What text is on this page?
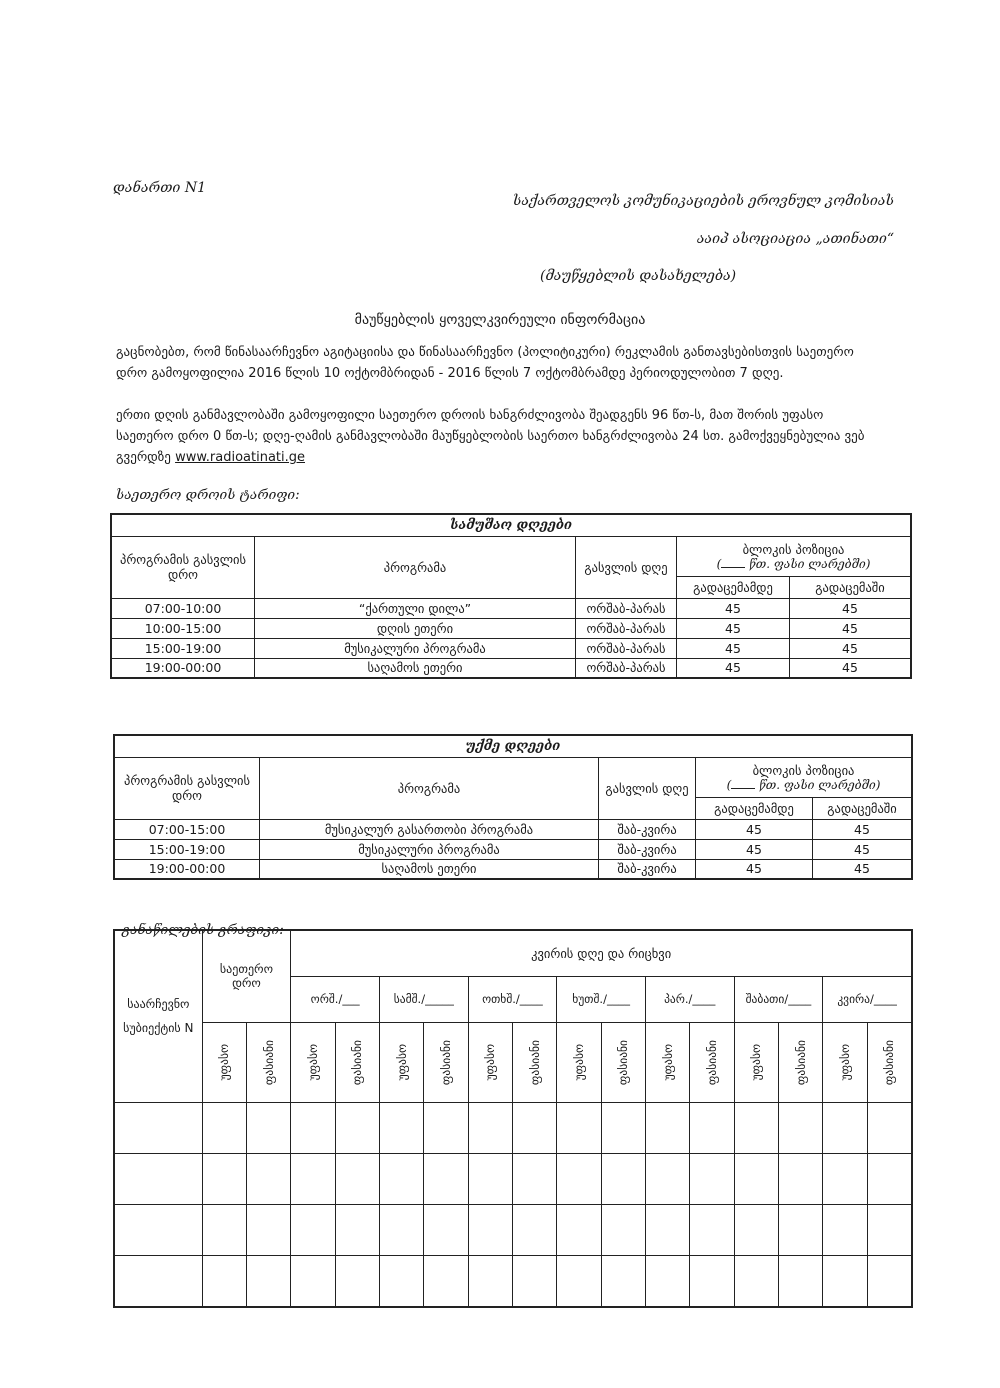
დანართი N1
საქართველოს კომუნიკაციების ეროვნულ კომისიას
ააიპ ასოციაცია „ათინათი“
(მაუწყებლის დასახელება)
მაუწყებლის ყოველკვირეული ინფორმაცია
გაცნობებთ, რომ წინასაარჩევნო აგიტაციისა და წინასაარჩევნო (პოლიტიკური) რეკლამის განთავსებისთვის საეთერო
დრო გამოყოფილია 2016 წლის 10 ოქტომბრიდან - 2016 წლის 7 ოქტომბრამდე პერიოდულობით 7 დღე.
ერთი დღის განმავლობაში გამოყოფილი საეთერო დროის ხანგრძლივობა შეადგენს 96 წთ-ს, მათ შორის უფასო
საეთერო დრო 0 წთ-ს; დღე-ღამის განმავლობაში მაუწყებლობის საერთო ხანგრძლივობა 24 სთ. გამოქვეყნებულია ვებ
გვერდზე www.radioatinati.ge
საეთერო დროის ტარიფი:
სამუშაო დღეები				
პროგრამის გასვლის დრო	პროგრამა	გასვლის დღე	ბლოკის პოზიცია
( წთ. ფასი ლარებში)	

			გადაცემამდე	გადაცემაში
07:00-10:00	“ქართული დილა”	ორშაბ-პარას	45	45
10:00-15:00	დღის ეთერი	ორშაბ-პარას	45	45
15:00-19:00	მუსიკალური პროგრამა	ორშაბ-პარას	45	45
19:00-00:00	საღამოს ეთერი	ორშაბ-პარას	45	45
უქმე დღეები				
პროგრამის გასვლის დრო	პროგრამა	გასვლის დღე	ბლოკის პოზიცია
( წთ. ფასი ლარებში)	

			გადაცემამდე	გადაცემაში
07:00-15:00	მუსიკალურ გასართობი პროგრამა	შაბ-კვირა	45	45
15:00-19:00	მუსიკალური პროგრამა	შაბ-კვირა	45	45
19:00-00:00	საღამოს ეთერი	შაბ-კვირა	45	45
განაწილების გრაფიკი:
საარჩევნო სუბიექტის N	საეთერო დრო		კვირის დღე და რიცხვი													
			ორშ./___		სამშ./_____		ოთხშ./____		ხუთშ./____		პარ./____		შაბათი/____		კვირა/____	

	უფასო	ფასიანი	უფასო	ფასიანი	უფასო	ფასიანი	უფასო	ფასიანი	უფასო	ფასიანი	უფასო	ფასიანი	უფასო	ფასიანი	უფასო	ფასიანი
